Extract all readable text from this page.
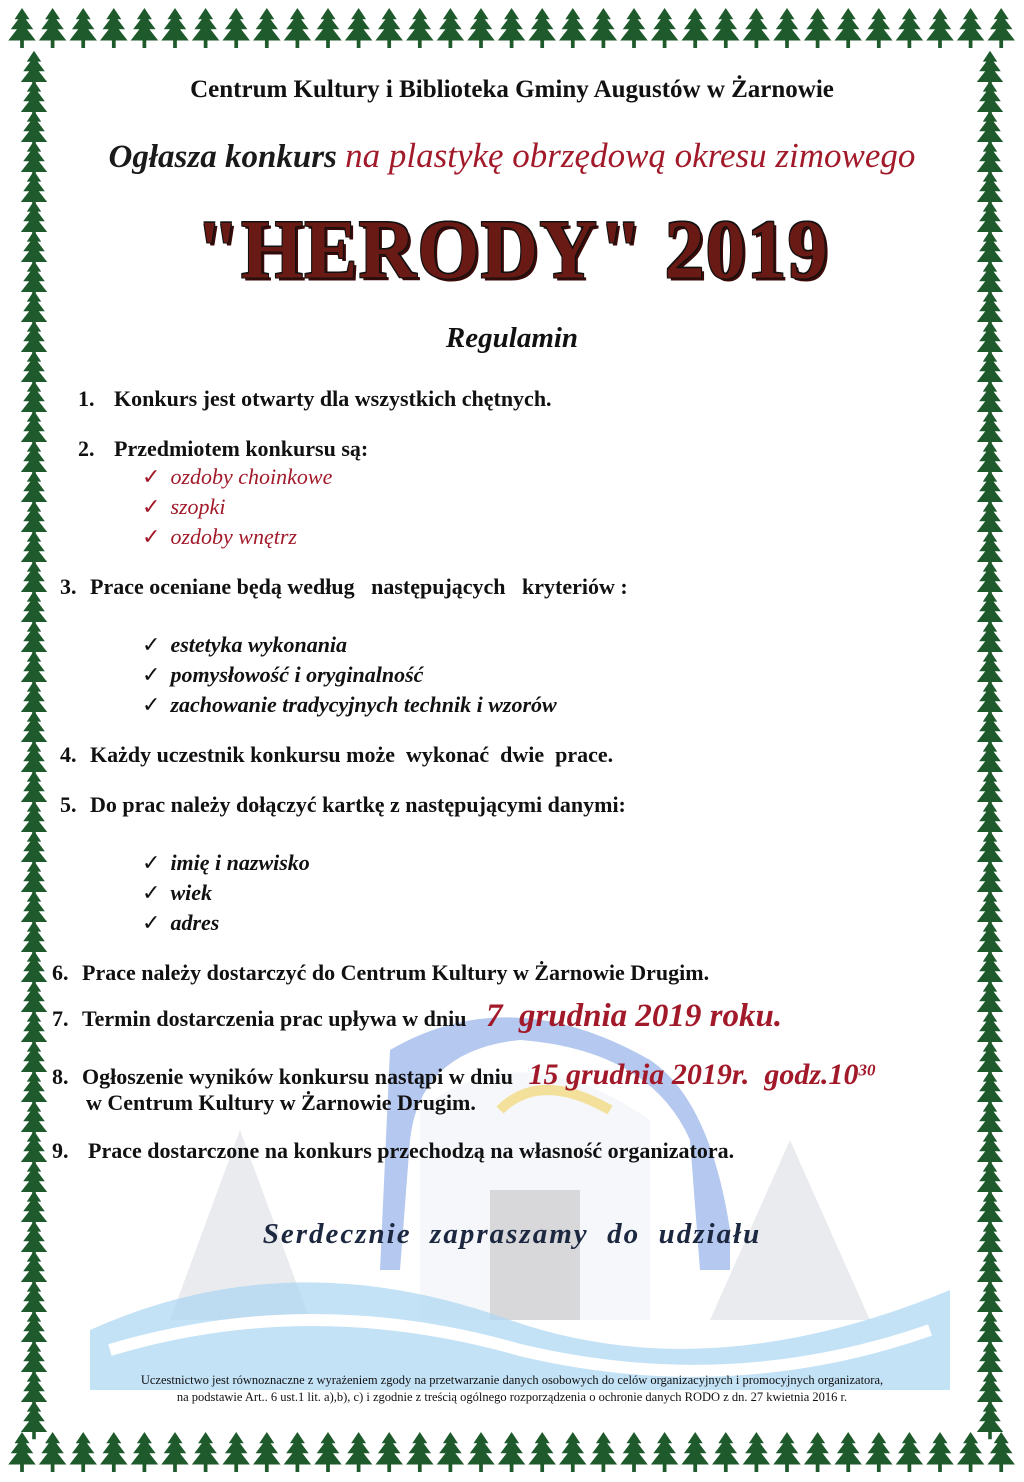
Centrum Kultury i Biblioteka Gminy Augustów w Żarnowie
Ogłasza konkurs na plastykę obrzędową okresu zimowego
"HERODY" 2019
Regulamin
1. Konkurs jest otwarty dla wszystkich chętnych.
2. Przedmiotem konkursu są:
✓ ozdoby choinkowe
✓ szopki
✓ ozdoby wnętrz
3. Prace oceniane będą według   następujących   kryteriów :
✓ estetyka wykonania
✓ pomysłowość i oryginalność
✓ zachowanie tradycyjnych technik i wzorów
4. Każdy uczestnik konkursu może  wykonać  dwie  prace.
5. Do prac należy dołączyć kartkę z następującymi danymi:
✓ imię i nazwisko
✓ wiek
✓ adres
6. Prace należy dostarczyć do Centrum Kultury w Żarnowie Drugim.
7. Termin dostarczenia prac upływa w dniu 7  grudnia 2019 roku.
8. Ogłoszenie wyników konkursu nastąpi w dniu 15 grudnia 2019r.  $godz.10^{30}$
w Centrum Kultury w Żarnowie Drugim.
9. Prace dostarczone na konkurs przechodzą na własność organizatora.
Serdecznie  zapraszamy  do  udziału
Uczestnictwo jest równoznaczne z wyrażeniem zgody na przetwarzanie danych osobowych do celów organizacyjnych i promocyjnych organizatora,
na podstawie Art.. 6 ust.1 lit. a),b), c) i zgodnie z treścią ogólnego rozporządzenia o ochronie danych RODO z dn. 27 kwietnia 2016 r.
